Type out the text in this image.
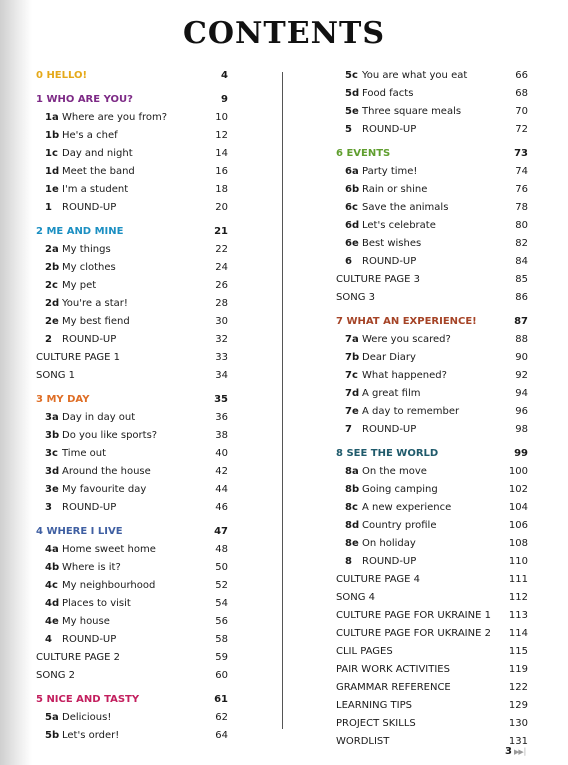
CONTENTS
0 HELLO!	4
1 WHO ARE YOU?	9
1a Where are you from?	10
1b He's a chef	12
1c Day and night	14
1d Meet the band	16
1e I'm a student	18
1	ROUND-UP	20
2 ME AND MINE	21
2a My things	22
2b My clothes	24
2c My pet	26
2d You're a star!	28
2e My best fiend	30
2	ROUND-UP	32
CULTURE PAGE 1	33
SONG 1	34
3 MY DAY	35
3a Day in day out	36
3b Do you like sports?	38
3c Time out	40
3d Around the house	42
3e My favourite day	44
3	ROUND-UP	46
4 WHERE I LIVE	47
4a Home sweet home	48
4b Where is it?	50
4c My neighbourhood	52
4d Places to visit	54
4e My house	56
4	ROUND-UP	58
CULTURE PAGE 2	59
SONG 2	60
5 NICE AND TASTY	61
5a Delicious!	62
5b Let's order!	64
5c You are what you eat	66
5d Food facts	68
5e Three square meals	70
5	ROUND-UP	72
6 EVENTS	73
6a Party time!	74
6b Rain or shine	76
6c Save the animals	78
6d Let's celebrate	80
6e Best wishes	82
6	ROUND-UP	84
CULTURE PAGE 3	85
SONG 3	86
7 WHAT AN EXPERIENCE!	87
7a Were you scared?	88
7b Dear Diary	90
7c What happened?	92
7d A great film	94
7e A day to remember	96
7	ROUND-UP	98
8 SEE THE WORLD	99
8a On the move	100
8b Going camping	102
8c A new experience	104
8d Country profile	106
8e On holiday	108
8	ROUND-UP	110
CULTURE PAGE 4	111
SONG 4	112
CULTURE PAGE FOR UKRAINE 1	113
CULTURE PAGE FOR UKRAINE 2	114
CLIL PAGES	115
PAIR WORK ACTIVITIES	119
GRAMMAR REFERENCE	122
LEARNING TIPS	129
PROJECT SKILLS	130
WORDLIST	131
3 ▶▶│
